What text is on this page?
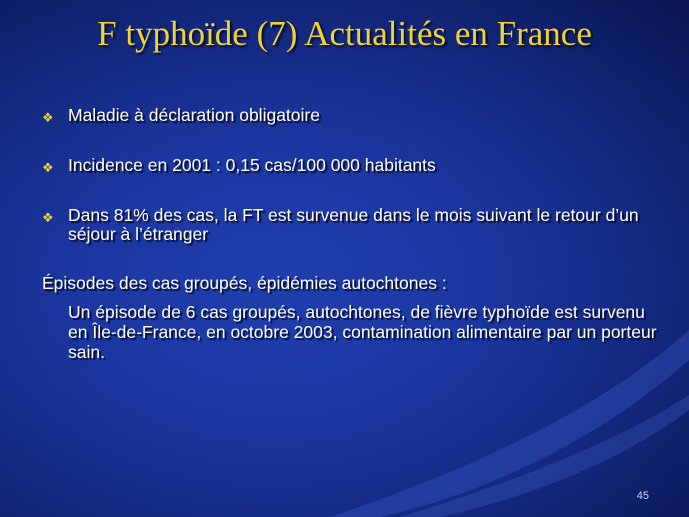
F typhoïde (7) Actualités en France
❖ Maladie à déclaration obligatoire
❖ Incidence en 2001 : 0,15 cas/100 000 habitants
❖ Dans 81% des cas, la FT est survenue dans le mois suivant le retour d’un séjour à l’étranger
Épisodes des cas groupés, épidémies autochtones :
Un épisode de 6 cas groupés, autochtones, de fièvre typhoïde est survenu en Île-de-France, en octobre 2003, contamination alimentaire par un porteur sain.
45
